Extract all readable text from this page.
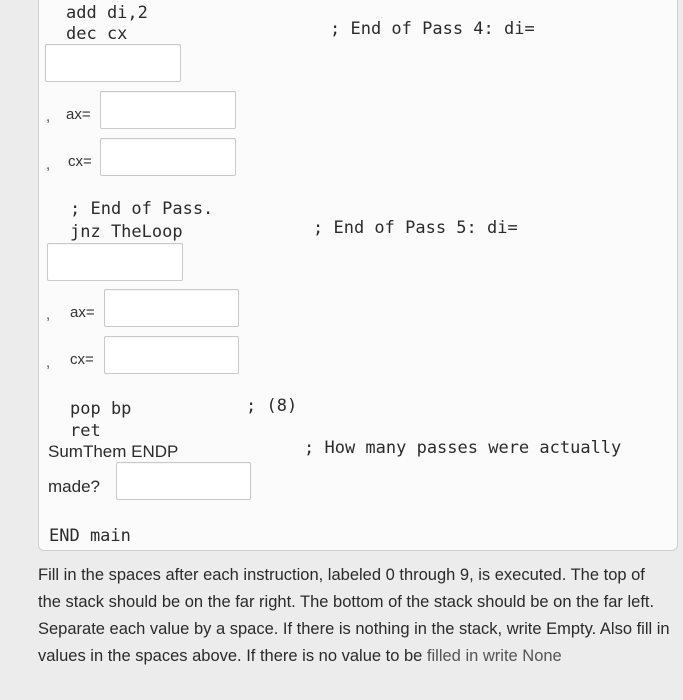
add di,2
dec cx	; End of Pass 4: di=
, ax=
, cx=
; End of Pass.
jnz TheLoop	; End of Pass 5: di=
, ax=
, cx=
pop bp	; (8)
ret
SumThem ENDP	; How many passes were actually
made?
END main
Fill in the spaces after each instruction, labeled 0 through 9, is executed. The top of the stack should be on the far right. The bottom of the stack should be on the far left. Separate each value by a space. If there is nothing in the stack, write Empty. Also fill in values in the spaces above. If there is no value to be filled in write None
